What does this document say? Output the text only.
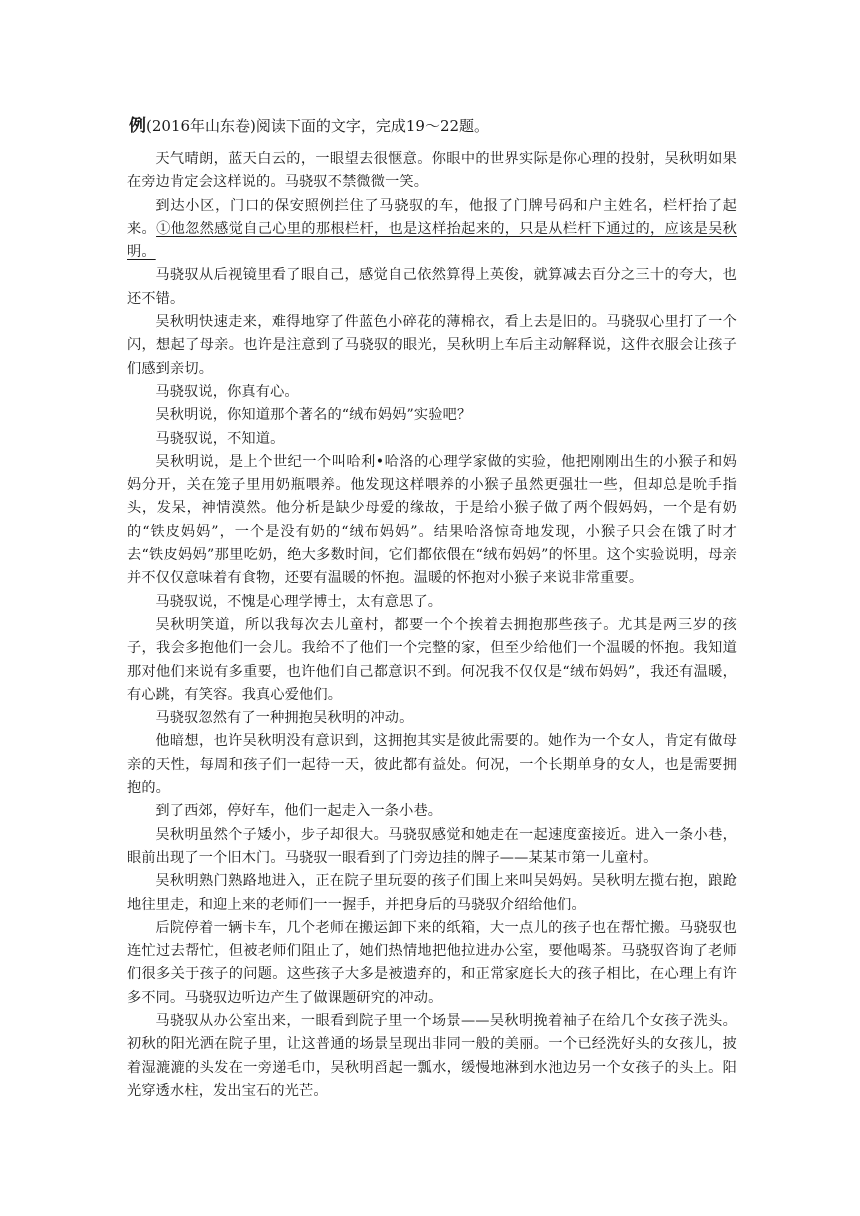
例(2016年山东卷)阅读下面的文字，完成19～22题。

天气晴朗，蓝天白云的，一眼望去很惬意。你眼中的世界实际是你心理的投射，吴秋明如果在旁边肯定会这样说的。马骁驭不禁微微一笑。

到达小区，门口的保安照例拦住了马骁驭的车，他报了门牌号码和户主姓名，栏杆抬了起来。①他忽然感觉自己心里的那根栏杆，也是这样抬起来的，只是从栏杆下通过的，应该是吴秋明。

马骁驭从后视镜里看了眼自己，感觉自己依然算得上英俊，就算减去百分之三十的夸大，也还不错。

吴秋明快速走来，难得地穿了件蓝色小碎花的薄棉衣，看上去是旧的。马骁驭心里打了一个闪，想起了母亲。也许是注意到了马骁驭的眼光，吴秋明上车后主动解释说，这件衣服会让孩子们感到亲切。

马骁驭说，你真有心。

吴秋明说，你知道那个著名的“绒布妈妈”实验吧？

马骁驭说，不知道。

吴秋明说，是上个世纪一个叫哈利•哈洛的心理学家做的实验，他把刚刚出生的小猴子和妈妈分开，关在笼子里用奶瓶喂养。他发现这样喂养的小猴子虽然更强壮一些，但却总是吮手指头，发呆，神情漠然。他分析是缺少母爱的缘故，于是给小猴子做了两个假妈妈，一个是有奶的“铁皮妈妈”，一个是没有奶的“绒布妈妈”。结果哈洛惊奇地发现，小猴子只会在饿了时才去“铁皮妈妈”那里吃奶，绝大多数时间，它们都依偎在“绒布妈妈”的怀里。这个实验说明，母亲并不仅仅意味着有食物，还要有温暖的怀抱。温暖的怀抱对小猴子来说非常重要。

马骁驭说，不愧是心理学博士，太有意思了。

吴秋明笑道，所以我每次去儿童村，都要一个个挨着去拥抱那些孩子。尤其是两三岁的孩子，我会多抱他们一会儿。我给不了他们一个完整的家，但至少给他们一个温暖的怀抱。我知道那对他们来说有多重要，也许他们自己都意识不到。何况我不仅仅是“绒布妈妈”，我还有温暖，有心跳，有笑容。我真心爱他们。

马骁驭忽然有了一种拥抱吴秋明的冲动。

他暗想，也许吴秋明没有意识到，这拥抱其实是彼此需要的。她作为一个女人，肯定有做母亲的天性，每周和孩子们一起待一天，彼此都有益处。何况，一个长期单身的女人，也是需要拥抱的。

到了西郊，停好车，他们一起走入一条小巷。

吴秋明虽然个子矮小，步子却很大。马骁驭感觉和她走在一起速度蛮接近。进入一条小巷，眼前出现了一个旧木门。马骁驭一眼看到了门旁边挂的牌子——某某市第一儿童村。

吴秋明熟门熟路地进入，正在院子里玩耍的孩子们围上来叫吴妈妈。吴秋明左揽右抱，踉跄地往里走，和迎上来的老师们一一握手，并把身后的马骁驭介绍给他们。

后院停着一辆卡车，几个老师在搬运卸下来的纸箱，大一点儿的孩子也在帮忙搬。马骁驭也连忙过去帮忙，但被老师们阻止了，她们热情地把他拉进办公室，要他喝茶。马骁驭咨询了老师们很多关于孩子的问题。这些孩子大多是被遗弃的，和正常家庭长大的孩子相比，在心理上有许多不同。马骁驭边听边产生了做课题研究的冲动。

马骁驭从办公室出来，一眼看到院子里一个场景——吴秋明挽着袖子在给几个女孩子洗头。初秋的阳光洒在院子里，让这普通的场景呈现出非同一般的美丽。一个已经洗好头的女孩儿，披着湿漉漉的头发在一旁递毛巾，吴秋明舀起一瓢水，缓慢地淋到水池边另一个女孩子的头上。阳光穿透水柱，发出宝石的光芒。
